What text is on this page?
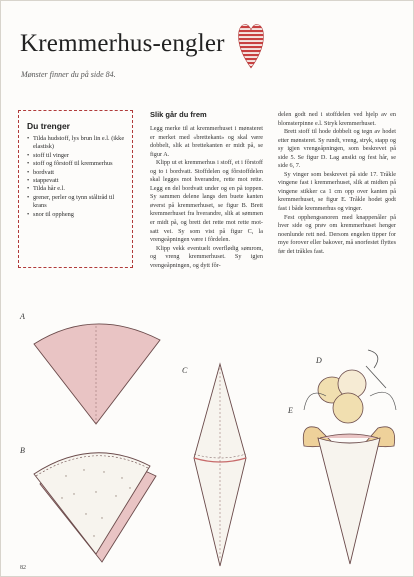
Kremmerhus-engler
Mønster finner du på side 84.
Du trenger
• Tilda hudstoff, lys brun lin e.l. (ikke elastisk)
• stoff til vinger
• stoff og fôrstoff til kremmerhus
• bordvatt
• stappevatt
• Tilda hår e.l.
• grener, perler og tynn ståltråd til krans
• snor til oppheng
Slik går du frem

Legg merke til at kremmerhuset i mønsteret er merket med «brettekant» og skal være dobbelt, slik at brettekanten er midt på, se figur A.

Klipp ut et kremmerhus i stoff, et i fôrstoff og to i bordvatt. Stoffdelen og fôrstoffdelen skal legges mot hverandre, rette mot rette. Legg en del bordvatt under og en på toppen. Sy sammen delene langs den buete kanten øverst på kremmerhuset, se figur B. Brett kremmerhuset fra hverandre, slik at sømmen er midt på, og brett det rette mot rette mot-satt vei. Sy som vist på figur C, la vrengeåpningen være i fôrdelen.

Klipp vekk eventuelt overflødig sømrom, og vreng kremmerhuset. Sy igjen vrengeåpningen, og dytt fôr-

delen godt ned i stoffdelen ved hjelp av en blomsterpinne e.l. Stryk kremmerhuset.

Brett stoff til hode dobbelt og tegn av hodet etter mønsteret. Sy rundt, vreng, stryk, stapp og sy igjen vrengeåpningen, som beskrevet på side 5. Se figur D. Lag ansikt og fest hår, se side 6, 7.

Sy vinger som beskrevet på side 17. Tråkle vingene fast i kremmerhuset, slik at midten på vingene stikker ca 1 cm opp over kanten på kremmerhuset, se figur E. Tråkle hodet godt fast i både kremmerhus og vinger.

Fest opphengssnoren med knappenåler på hver side og prøv om kremmerhuset henger noenlunde rett ned. Dersom engelen tipper for mye forover eller bakover, må snorfestet flyttes før det tråkles fast.

A
B
C
D
E
82
